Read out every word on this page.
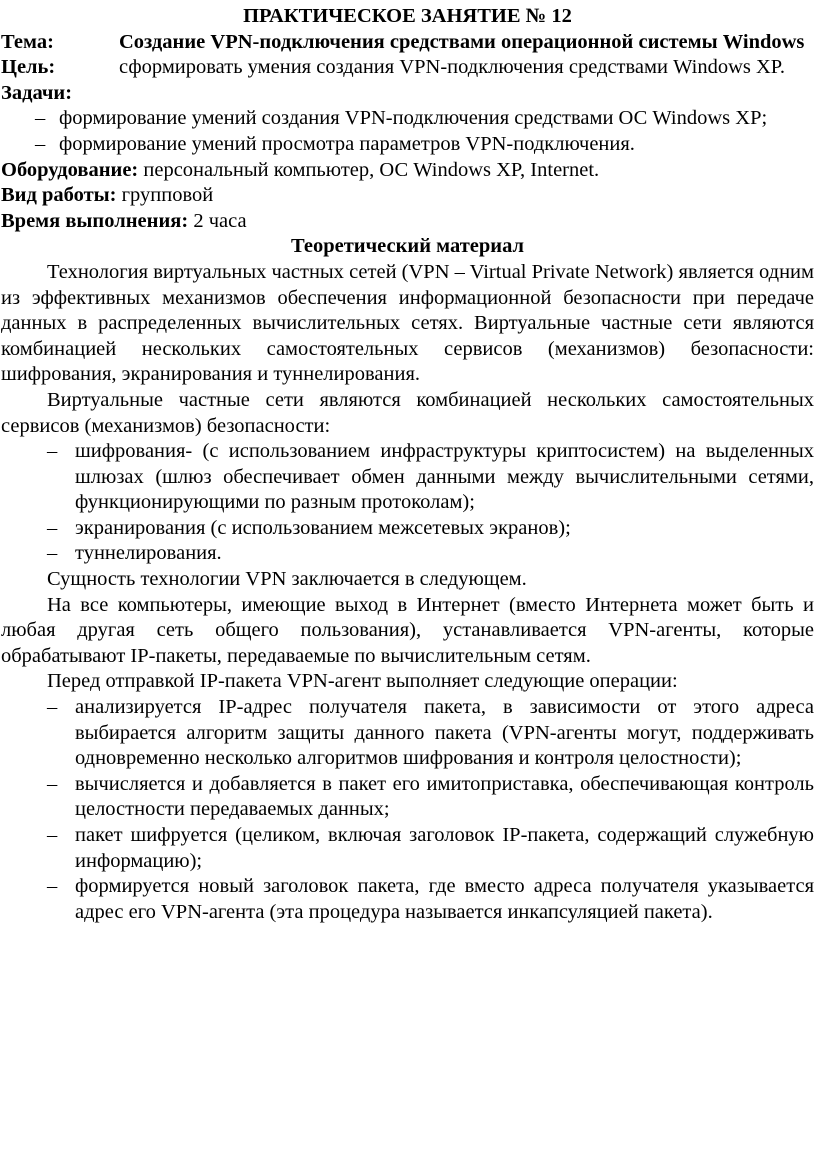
ПРАКТИЧЕСКОЕ ЗАНЯТИЕ № 12
Тема:	Создание VPN-подключения средствами операционной системы Windows
Цель:	сформировать умения создания VPN-подключения средствами Windows XP.
Задачи:
– формирование умений создания VPN-подключения средствами ОС Windows XP;
– формирование умений просмотра параметров VPN-подключения.
Оборудование: персональный компьютер, ОС Windows XP, Internet.
Вид работы: групповой
Время выполнения: 2 часа
Теоретический материал
Технология виртуальных частных сетей (VPN – Virtual Private Network) является одним из эффективных механизмов обеспечения информационной безопасности при передаче данных в распределенных вычислительных сетях. Виртуальные частные сети являются комбинацией нескольких самостоятельных сервисов (механизмов) безопасности: шифрования, экранирования и туннелирования.
Виртуальные частные сети являются комбинацией нескольких самостоятельных сервисов (механизмов) безопасности:
– шифрования- (с использованием инфраструктуры криптосистем) на выделенных шлюзах (шлюз обеспечивает обмен данными между вычислительными сетями, функционирующими по разным протоколам);
– экранирования (с использованием межсетевых экранов);
– туннелирования.
Сущность технологии VPN заключается в следующем.
На все компьютеры, имеющие выход в Интернет (вместо Интернета может быть и любая другая сеть общего пользования), устанавливается VPN-агенты, которые обрабатывают IP-пакеты, передаваемые по вычислительным сетям.
Перед отправкой IP-пакета VPN-агент выполняет следующие операции:
– анализируется IP-адрес получателя пакета, в зависимости от этого адреса выбирается алгоритм защиты данного пакета (VPN-агенты могут, поддерживать одновременно несколько алгоритмов шифрования и контроля целостности);
– вычисляется и добавляется в пакет его имитоприставка, обеспечивающая контроль целостности передаваемых данных;
– пакет шифруется (целиком, включая заголовок IP-пакета, содержащий служебную информацию);
– формируется новый заголовок пакета, где вместо адреса получателя указывается адрес его VPN-агента (эта процедура называется инкапсуляцией пакета).
